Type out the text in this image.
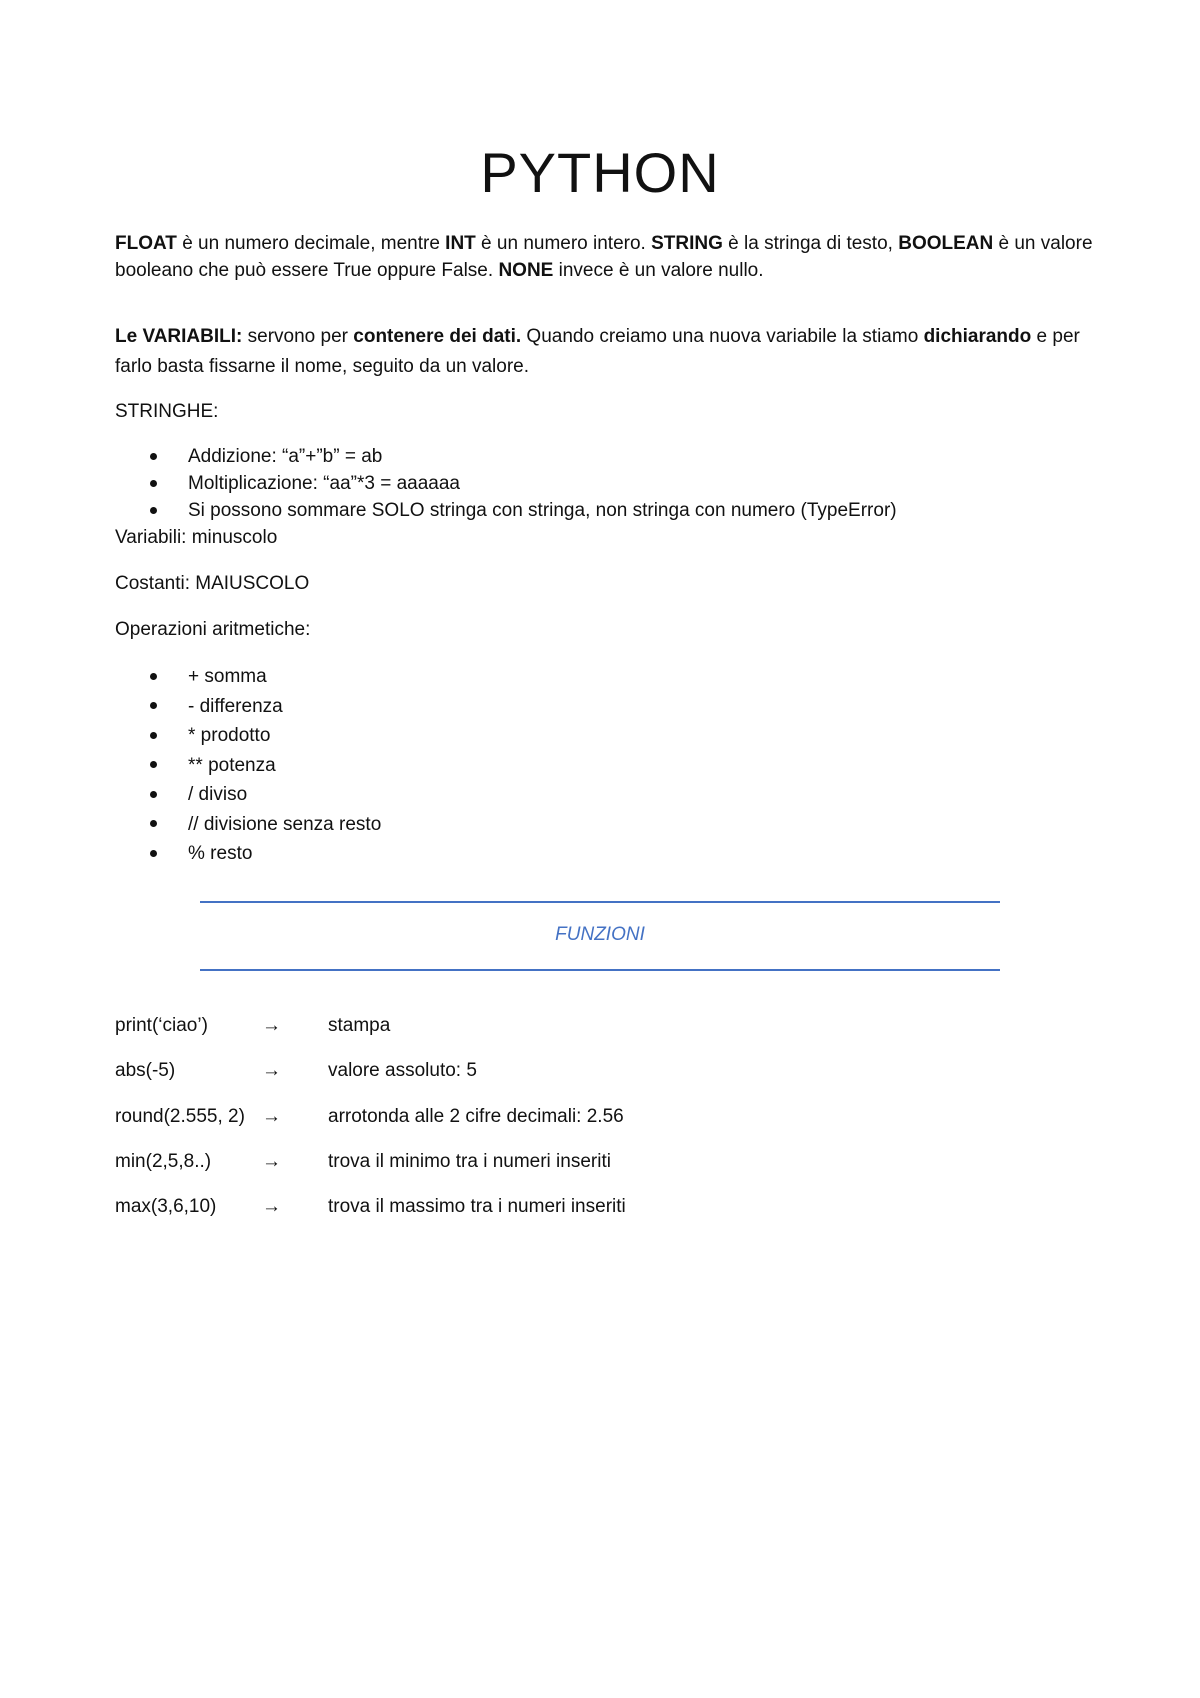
PYTHON

FLOAT è un numero decimale, mentre INT è un numero intero. STRING è la stringa di testo, BOOLEAN è un valore booleano che può essere True oppure False. NONE invece è un valore nullo.

Le VARIABILI: servono per contenere dei dati. Quando creiamo una nuova variabile la stiamo dichiarando e per farlo basta fissarne il nome, seguito da un valore.

STRINGHE:
Addizione: “a”+”b” = ab
Moltiplicazione: “aa”*3 = aaaaaa
Si possono sommare SOLO stringa con stringa, non stringa con numero (TypeError)
Variabili: minuscolo
Costanti: MAIUSCOLO
Operazioni aritmetiche:
+ somma
- differenza
* prodotto
** potenza
/ diviso
// divisione senza resto
% resto
FUNZIONI
print(‘ciao’)	→ stampa
abs(-5)	→ valore assoluto: 5
round(2.555, 2) → arrotonda alle 2 cifre decimali: 2.56
min(2,5,8..)	→ trova il minimo tra i numeri inseriti
max(3,6,10) → trova il massimo tra i numeri inseriti
